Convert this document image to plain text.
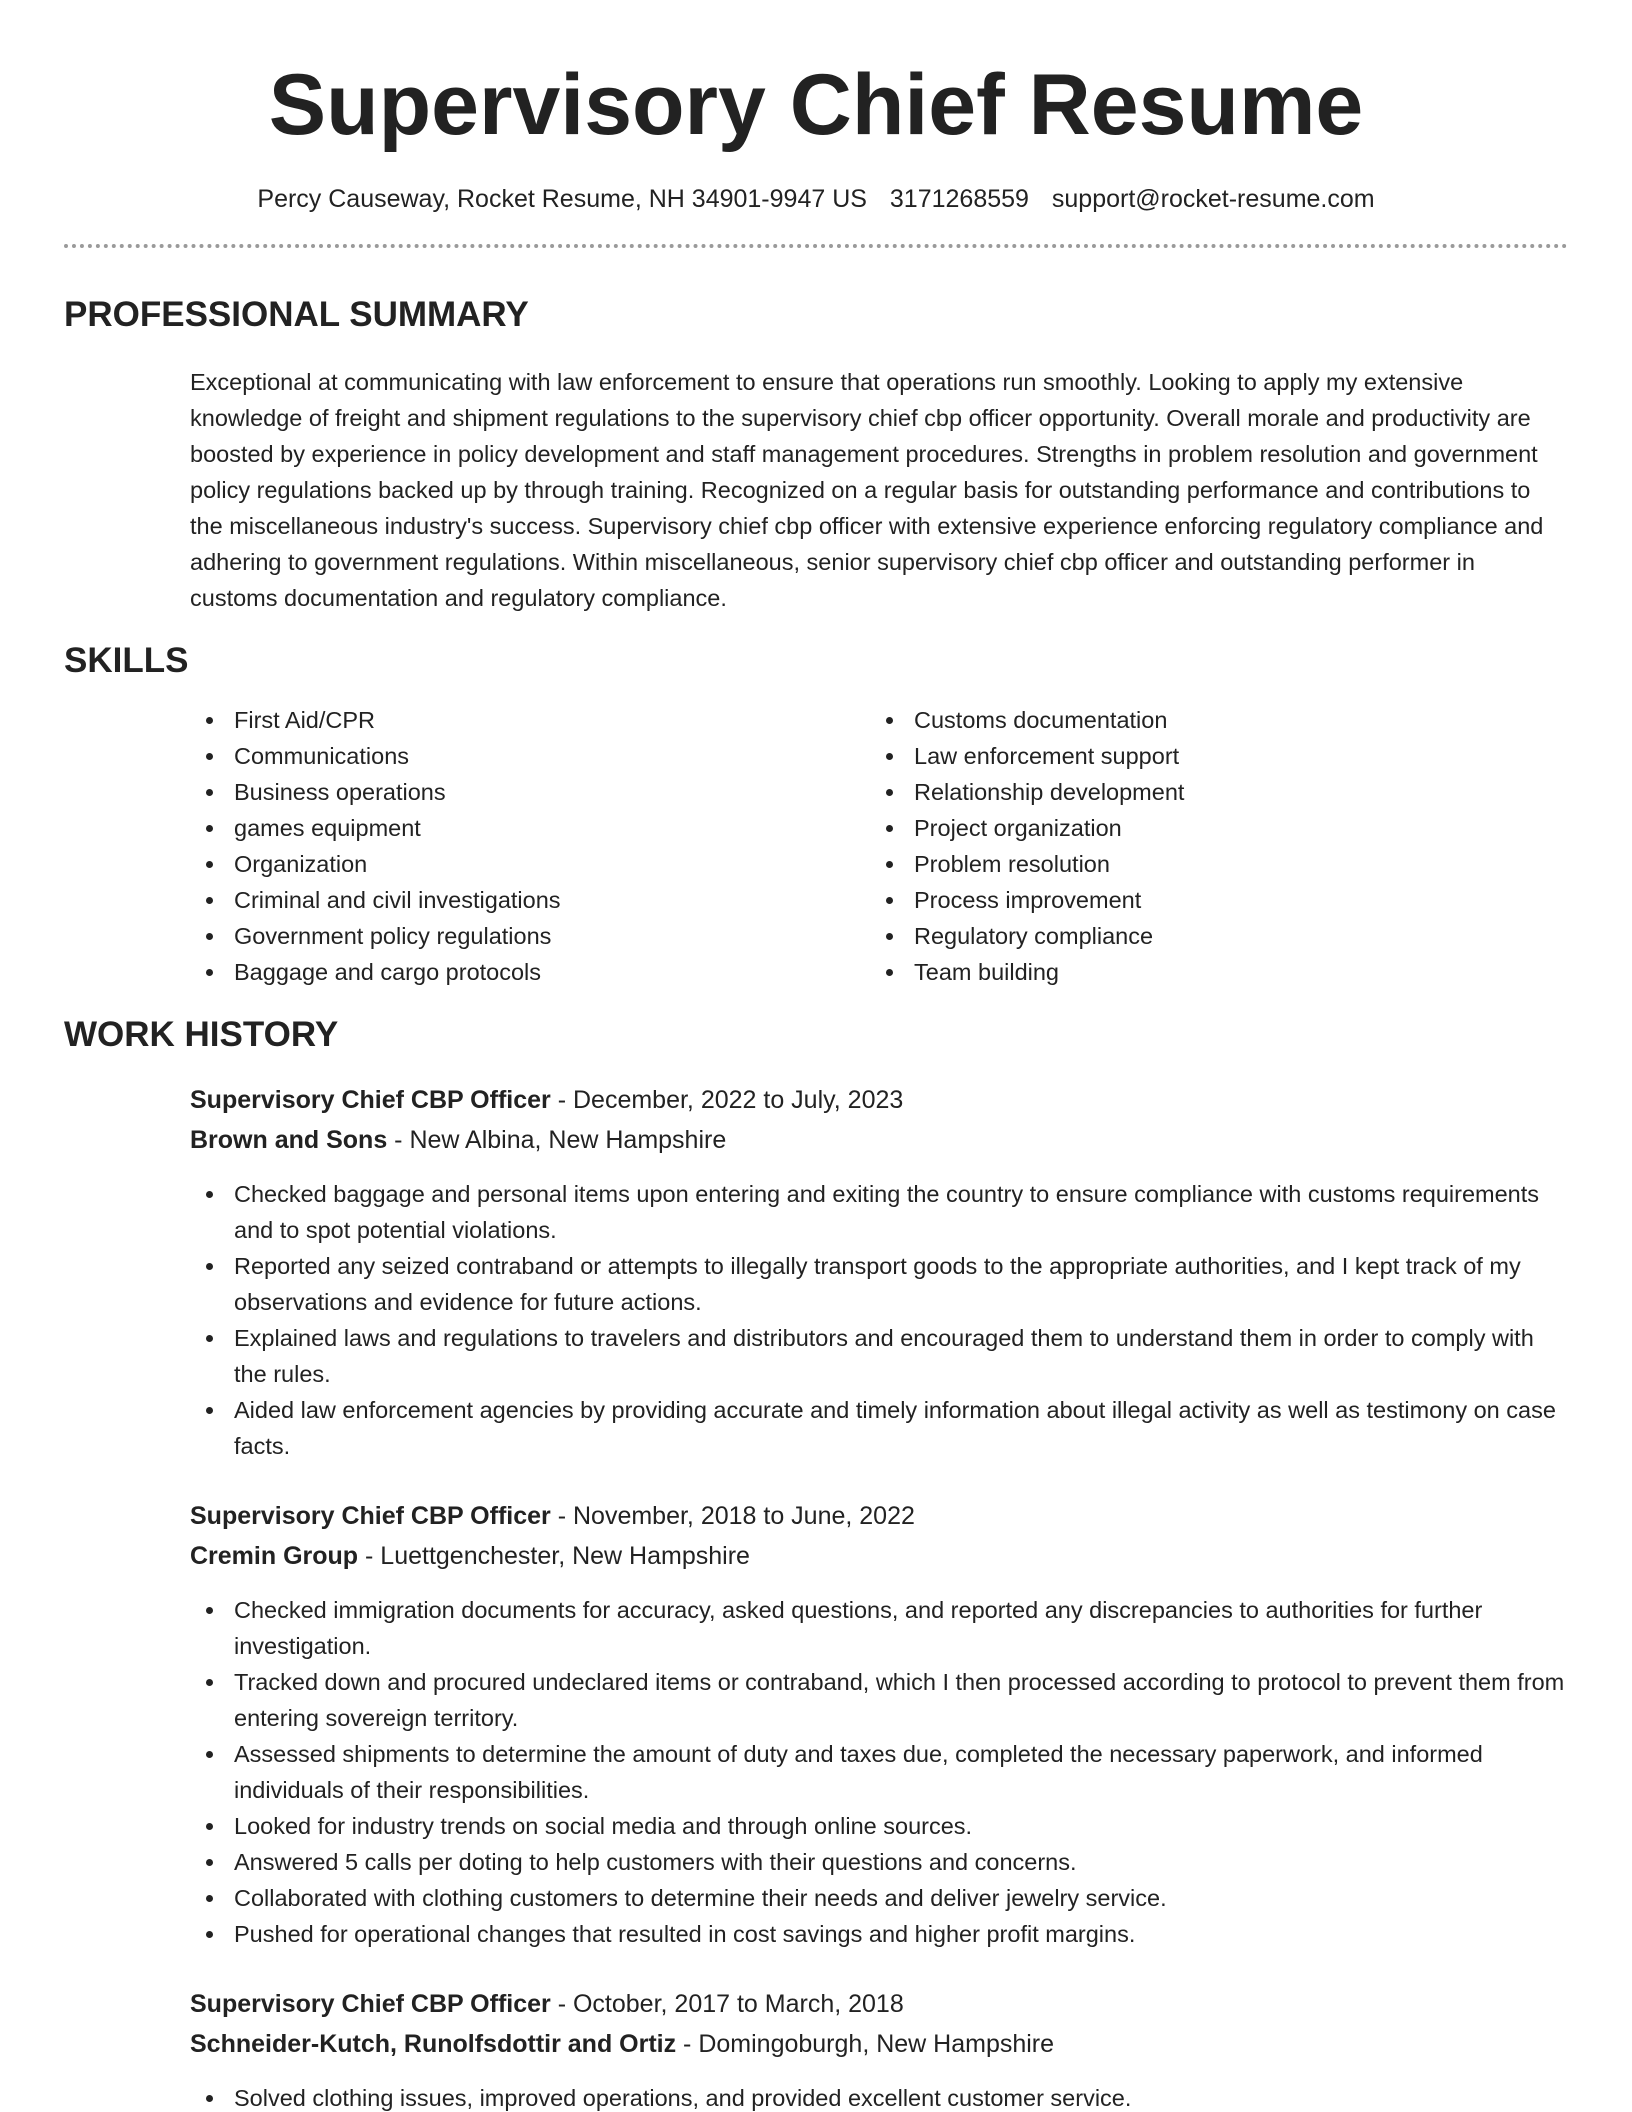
Supervisory Chief Resume
Percy Causeway, Rocket Resume, NH 34901-9947 US 3171268559 support@rocket-resume.com
PROFESSIONAL SUMMARY

Exceptional at communicating with law enforcement to ensure that operations run smoothly. Looking to apply my extensive knowledge of freight and shipment regulations to the supervisory chief cbp officer opportunity. Overall morale and productivity are boosted by experience in policy development and staff management procedures. Strengths in problem resolution and government policy regulations backed up by through training. Recognized on a regular basis for outstanding performance and contributions to the miscellaneous industry's success. Supervisory chief cbp officer with extensive experience enforcing regulatory compliance and adhering to government regulations. Within miscellaneous, senior supervisory chief cbp officer and outstanding performer in customs documentation and regulatory compliance.

SKILLS
First Aid/CPR
Communications
Business operations
games equipment
Organization
Criminal and civil investigations
Government policy regulations
Baggage and cargo protocols
Customs documentation
Law enforcement support
Relationship development
Project organization
Problem resolution
Process improvement
Regulatory compliance
Team building
WORK HISTORY
Supervisory Chief CBP Officer - December, 2022 to July, 2023
Brown and Sons - New Albina, New Hampshire
Checked baggage and personal items upon entering and exiting the country to ensure compliance with customs requirements and to spot potential violations.
Reported any seized contraband or attempts to illegally transport goods to the appropriate authorities, and I kept track of my observations and evidence for future actions.
Explained laws and regulations to travelers and distributors and encouraged them to understand them in order to comply with the rules.
Aided law enforcement agencies by providing accurate and timely information about illegal activity as well as testimony on case facts.
Supervisory Chief CBP Officer - November, 2018 to June, 2022
Cremin Group - Luettgenchester, New Hampshire
Checked immigration documents for accuracy, asked questions, and reported any discrepancies to authorities for further investigation.
Tracked down and procured undeclared items or contraband, which I then processed according to protocol to prevent them from entering sovereign territory.
Assessed shipments to determine the amount of duty and taxes due, completed the necessary paperwork, and informed individuals of their responsibilities.
Looked for industry trends on social media and through online sources.
Answered 5 calls per doting to help customers with their questions and concerns.
Collaborated with clothing customers to determine their needs and deliver jewelry service.
Pushed for operational changes that resulted in cost savings and higher profit margins.
Supervisory Chief CBP Officer - October, 2017 to March, 2018
Schneider-Kutch, Runolfsdottir and Ortiz - Domingoburgh, New Hampshire
Solved clothing issues, improved operations, and provided excellent customer service.
